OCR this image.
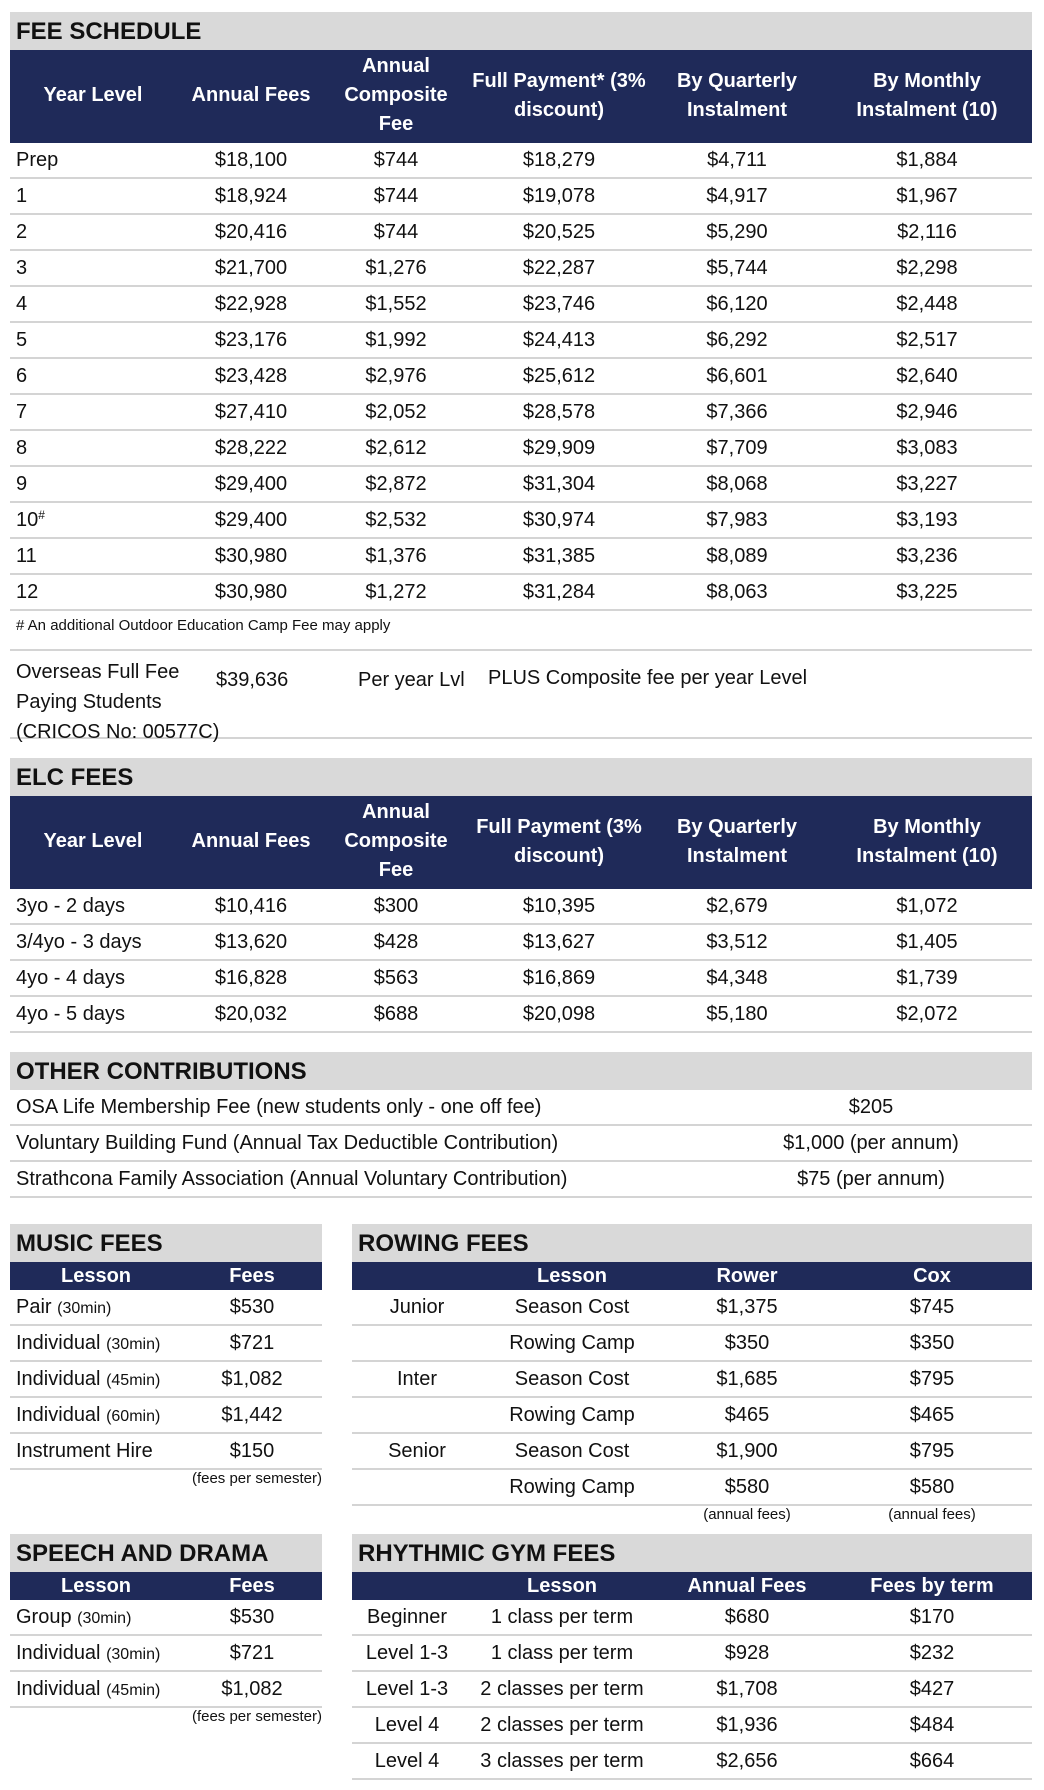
FEE SCHEDULE
Year Level	Annual Fees	Annual Composite Fee	Full Payment* (3% discount)	By Quarterly Instalment	By Monthly Instalment (10)
Prep	$18,100	$744	$18,279	$4,711	$1,884
1	$18,924	$744	$19,078	$4,917	$1,967
2	$20,416	$744	$20,525	$5,290	$2,116
3	$21,700	$1,276	$22,287	$5,744	$2,298
4	$22,928	$1,552	$23,746	$6,120	$2,448
5	$23,176	$1,992	$24,413	$6,292	$2,517
6	$23,428	$2,976	$25,612	$6,601	$2,640
7	$27,410	$2,052	$28,578	$7,366	$2,946
8	$28,222	$2,612	$29,909	$7,709	$3,083
9	$29,400	$2,872	$31,304	$8,068	$3,227
10#	$29,400	$2,532	$30,974	$7,983	$3,193
11	$30,980	$1,376	$31,385	$8,089	$3,236
12	$30,980	$1,272	$31,284	$8,063	$3,225
# An additional Outdoor Education Camp Fee may apply
Overseas Full Fee
Paying Students
(CRICOS No: 00577C)
$39,636	Per year Lvl PLUS Composite fee per year Level
ELC FEES
Year Level	Annual Fees	Annual Composite Fee	Full Payment (3% discount)	By Quarterly Instalment	By Monthly Instalment (10)
3yo - 2 days	$10,416	$300	$10,395	$2,679	$1,072
3/4yo - 3 days	$13,620	$428	$13,627	$3,512	$1,405
4yo - 4 days	$16,828	$563	$16,869	$4,348	$1,739
4yo - 5 days	$20,032	$688	$20,098	$5,180	$2,072
OTHER CONTRIBUTIONS
OSA Life Membership Fee (new students only - one off fee)	$205
Voluntary Building Fund (Annual Tax Deductible Contribution)	$1,000 (per annum)
Strathcona Family Association (Annual Voluntary Contribution)	$75 (per annum)
MUSIC FEES
Lesson	Fees
Pair (30min)	$530
Individual (30min)	$721
Individual (45min)	$1,082
Individual (60min)	$1,442
Instrument Hire	$150
(fees per semester)
ROWING FEES
	Lesson	Rower	Cox
Junior	Season Cost	$1,375	$745
	Rowing Camp	$350	$350
Inter	Season Cost	$1,685	$795
	Rowing Camp	$465	$465
Senior	Season Cost	$1,900	$795
	Rowing Camp	$580	$580
(annual fees)	(annual fees)
SPEECH AND DRAMA
Lesson	Fees
Group (30min)	$530
Individual (30min)	$721
Individual (45min)	$1,082
(fees per semester)
RHYTHMIC GYM FEES
	Lesson	Annual Fees	Fees by term
Beginner	1 class per term	$680	$170
Level 1-3	1 class per term	$928	$232
Level 1-3	2 classes per term	$1,708	$427
Level 4	2 classes per term	$1,936	$484
Level 4	3 classes per term	$2,656	$664
